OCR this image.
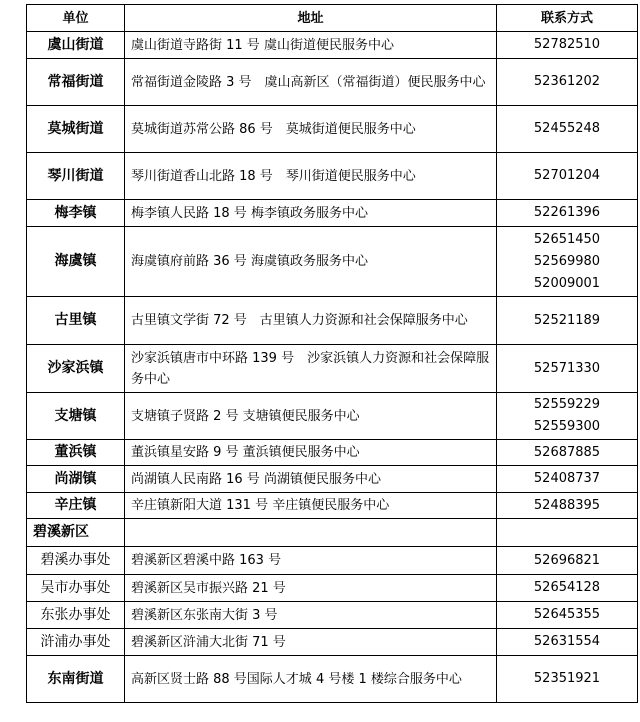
单位	地址	联系方式
虞山街道	虞山街道寺路街 11 号 虞山街道便民服务中心	52782510

常福街道	常福街道金陵路 3 号　虞山高新区（常福街道）便民服务中心	52361202

莫城街道	莫城街道苏常公路 86 号　莫城街道便民服务中心	52455248

琴川街道	琴川街道香山北路 18 号　琴川街道便民服务中心	52701204

梅李镇	梅李镇人民路 18 号 梅李镇政务服务中心	52261396

海虞镇	海虞镇府前路 36 号 海虞镇政务服务中心	52651450
52569980
52009001

古里镇	古里镇文学街 72 号　古里镇人力资源和社会保障服务中心	52521189

沙家浜镇	沙家浜镇唐市中环路 139 号　沙家浜镇人力资源和社会保障服务中心	52571330

支塘镇	支塘镇子贤路 2 号 支塘镇便民服务中心	52559229
52559300

董浜镇	董浜镇星安路 9 号 董浜镇便民服务中心	52687885

尚湖镇	尚湖镇人民南路 16 号 尚湖镇便民服务中心	52408737

辛庄镇	辛庄镇新阳大道 131 号 辛庄镇便民服务中心	52488395

碧溪新区		

碧溪办事处	碧溪新区碧溪中路 163 号	52696821

吴市办事处	碧溪新区吴市振兴路 21 号	52654128

东张办事处	碧溪新区东张南大街 3 号	52645355

浒浦办事处	碧溪新区浒浦大北街 71 号	52631554

东南街道	高新区贤士路 88 号国际人才城 4 号楼 1 楼综合服务中心	52351921
